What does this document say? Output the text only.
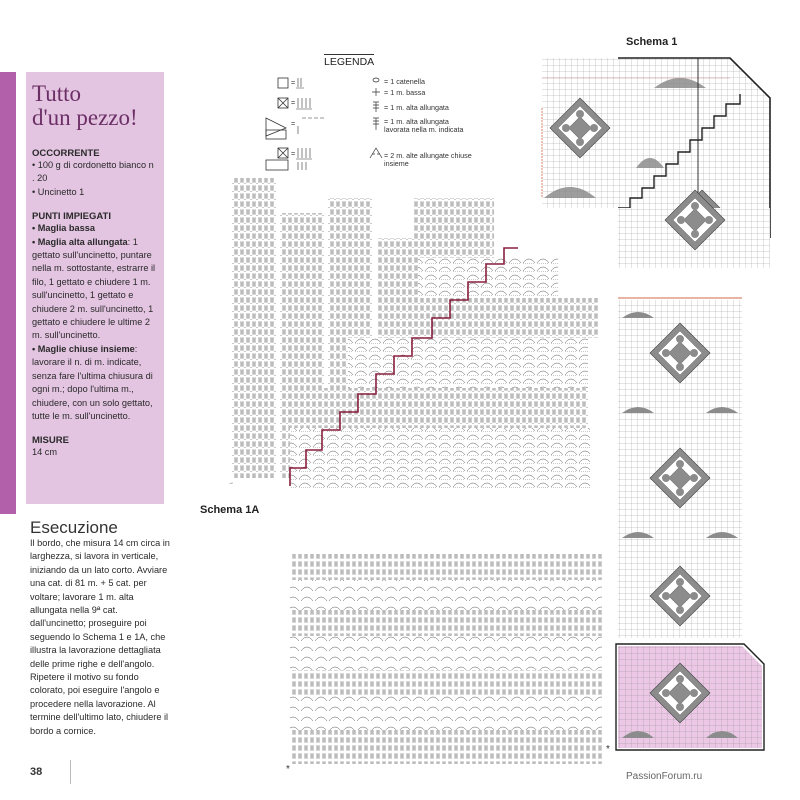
Tutto
d'un pezzo!

OCCORRENTE

• 100 g di cordonetto bianco n . 20

• Uncinetto 1

PUNTI IMPIEGATI

• Maglia bassa

• Maglia alta allungata: 1 gettato sull'uncinetto, puntare nella m. sottostante, estrarre il filo, 1 gettato e chiudere 1 m. sull'uncinetto, 1 gettato e chiudere 2 m. sull'uncinetto, 1 gettato e chiudere le ultime 2 m. sull'uncinetto.

• Maglie chiuse insieme: lavorare il n. di m. indicate, senza fare l'ultima chiusura di ogni m.; dopo l'ultima m., chiudere, con un solo gettato, tutte le m. sull'uncinetto.

MISURE

14 cm

Esecuzione
Il bordo, che misura 14 cm circa in larghezza, si lavora in verticale, iniziando da un lato corto. Avviare una cat. di 81 m. + 5 cat. per voltare; lavorare 1 m. alta allungata nella 9ª cat. dall'uncinetto; proseguire poi seguendo lo Schema 1 e 1A, che illustra la lavorazione dettagliata delle prime righe e dell'angolo. Ripetere il motivo su fondo colorato, poi eseguire l'angolo e procedere nella lavorazione. Al termine dell'ultimo lato, chiudere il bordo a cornice.
38	PassionForum.ru
LEGENDA
=
=
=
=
= 1 catenella
= 1 m. bassa
= 1 m. alta allungata
= 1 m. alta allungata lavorata nella m. indicata
= 2 m. alte allungate chiuse insieme
→
*
Schema 1A
Schema 1
*
